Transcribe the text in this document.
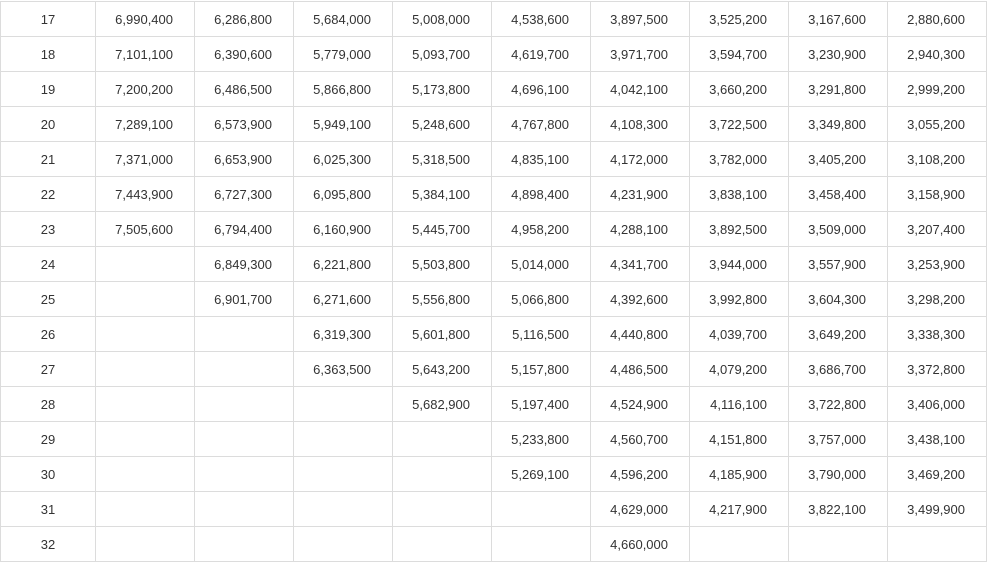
17	6,990,400	6,286,800	5,684,000	5,008,000	4,538,600	3,897,500	3,525,200	3,167,600	2,880,600
18	7,101,100	6,390,600	5,779,000	5,093,700	4,619,700	3,971,700	3,594,700	3,230,900	2,940,300
19	7,200,200	6,486,500	5,866,800	5,173,800	4,696,100	4,042,100	3,660,200	3,291,800	2,999,200
20	7,289,100	6,573,900	5,949,100	5,248,600	4,767,800	4,108,300	3,722,500	3,349,800	3,055,200
21	7,371,000	6,653,900	6,025,300	5,318,500	4,835,100	4,172,000	3,782,000	3,405,200	3,108,200
22	7,443,900	6,727,300	6,095,800	5,384,100	4,898,400	4,231,900	3,838,100	3,458,400	3,158,900
23	7,505,600	6,794,400	6,160,900	5,445,700	4,958,200	4,288,100	3,892,500	3,509,000	3,207,400
24		6,849,300	6,221,800	5,503,800	5,014,000	4,341,700	3,944,000	3,557,900	3,253,900
25		6,901,700	6,271,600	5,556,800	5,066,800	4,392,600	3,992,800	3,604,300	3,298,200
26			6,319,300	5,601,800	5,116,500	4,440,800	4,039,700	3,649,200	3,338,300
27			6,363,500	5,643,200	5,157,800	4,486,500	4,079,200	3,686,700	3,372,800
28				5,682,900	5,197,400	4,524,900	4,116,100	3,722,800	3,406,000
29					5,233,800	4,560,700	4,151,800	3,757,000	3,438,100
30					5,269,100	4,596,200	4,185,900	3,790,000	3,469,200
31						4,629,000	4,217,900	3,822,100	3,499,900
32						4,660,000			
